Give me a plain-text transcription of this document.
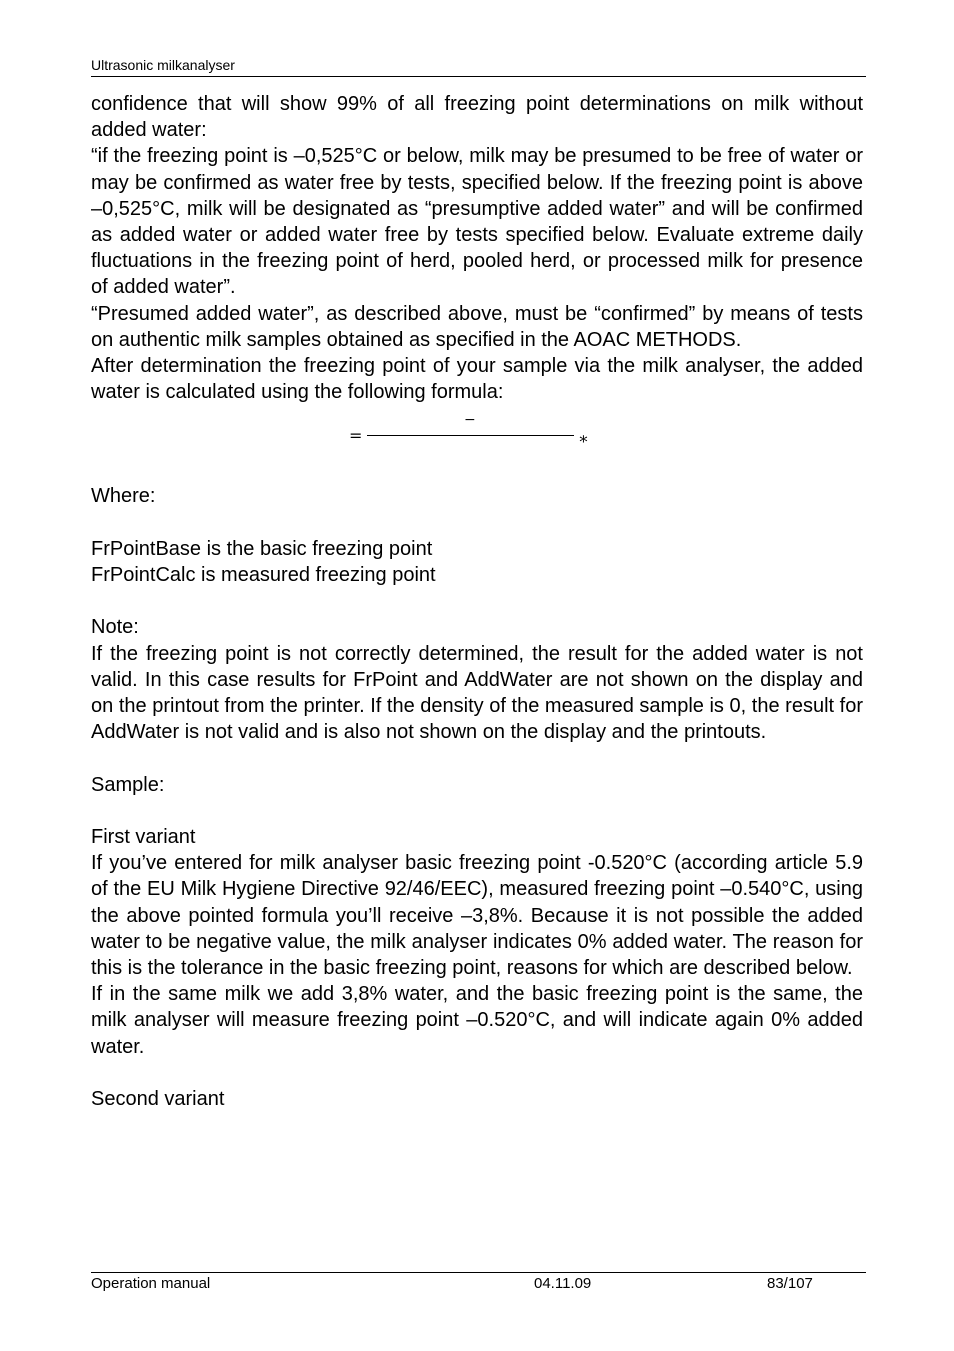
Ultrasonic milkanalyser

confidence that will show 99% of all freezing point determinations on milk without added water:

“if the freezing point is –0,525°C or below, milk may be presumed to be free of water or may be confirmed as water free by tests, specified below. If the freezing point is above –0,525°C, milk will be designated as “presumptive added water” and will be confirmed as added water or added water free by tests specified below. Evaluate extreme daily fluctuations in the freezing point of herd, pooled herd, or processed milk for presence of added water”.

“Presumed added water”, as described above, must be “confirmed” by means of tests on authentic milk samples obtained as specified in the AOAC METHODS.

After determination the freezing point of your sample via the milk analyser, the added water is calculated using the following formula:

=
−
∗

Where:

FrPointBase is the basic freezing point

FrPointCalc is measured freezing point

Note:

If the freezing point is not correctly determined, the result for the added water is not valid. In this case results for FrPoint and AddWater are not shown on the display and on the printout from the printer. If the density of the measured sample is 0, the result for AddWater is not valid and is also not shown on the display and the printouts.

Sample:

First variant

If you’ve entered for milk analyser basic freezing point -0.520°C (according article 5.9 of the EU Milk Hygiene Directive 92/46/EEC), measured freezing point –0.540°C, using the above pointed formula you’ll receive –3,8%. Because it is not possible the added water to be negative value, the milk analyser indicates 0% added water. The reason for this is the tolerance in the basic freezing point, reasons for which are described below.

If in the same milk we add 3,8% water, and the basic freezing point is the same, the milk analyser will measure freezing point –0.520°C, and will indicate again 0% added water.

Second variant

Operation manual	04.11.09	83/107
